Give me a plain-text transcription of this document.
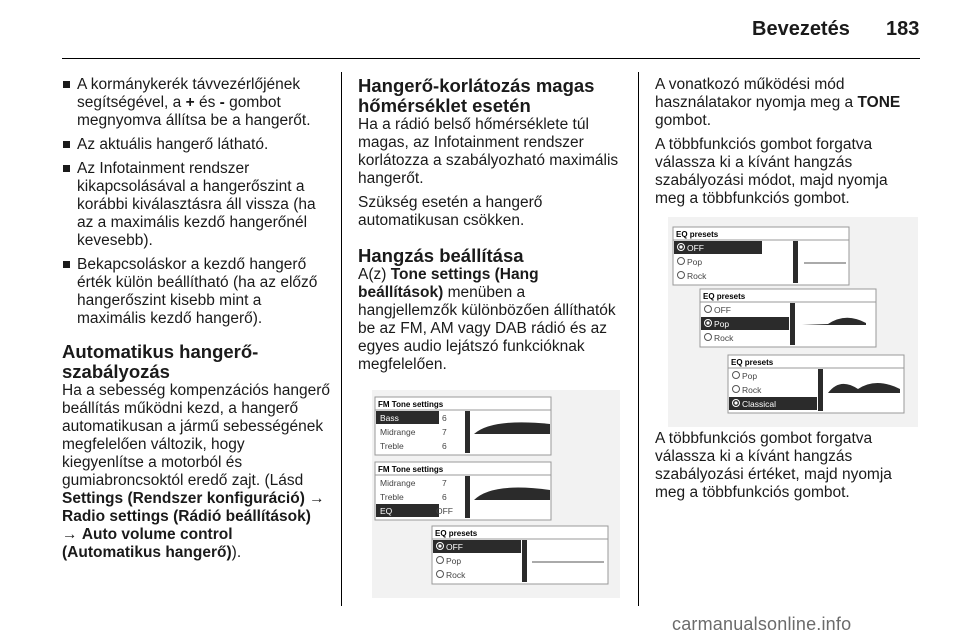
Bevezetés 183
A kormánykerék távvezérlőjének segítségével, a + és - gombot megnyomva állítsa be a hangerőt.
Az aktuális hangerő látható.
Az Infotainment rendszer kikapcsolásával a hangerőszint a korábbi kiválasztásra áll vissza (ha az a maximális kezdő hangerőnél kevesebb).
Bekapcsoláskor a kezdő hangerő érték külön beállítható (ha az előző hangerőszint kisebb mint a maximális kezdő hangerő).
Automatikus hangerő-szabályozás

Ha a sebesség kompenzációs hangerő beállítás működni kezd, a hangerő automatikusan a jármű sebességének megfelelően változik, hogy kiegyenlítse a motorból és gumiabroncsoktól eredő zajt. (Lásd Settings (Rendszer konfiguráció) → Radio settings (Rádió beállítások) → Auto volume control (Automatikus hangerő)).

Hangerő-korlátozás magas hőmérséklet esetén

Ha a rádió belső hőmérséklete túl magas, az Infotainment rendszer korlátozza a szabályozható maximális hangerőt.

Szükség esetén a hangerő automatikusan csökken.

Hangzás beállítása

A(z) Tone settings (Hang beállítások) menüben a hangjellemzők különbözően állíthatók be az FM, AM vagy DAB rádió és az egyes audio lejátszó funkcióknak megfelelően.

A vonatkozó működési mód használatakor nyomja meg a TONE gombot.

A többfunkciós gombot forgatva válassza ki a kívánt hangzás szabályozási módot, majd nyomja meg a többfunkciós gombot.

A többfunkciós gombot forgatva válassza ki a kívánt hangzás szabályozási értéket, majd nyomja meg a többfunkciós gombot.

FM Tone settings
Bass	6
Midrange	7
Treble	6
FM Tone settings
Midrange	7
Treble	6
EQ	OFF
EQ presets
OFF
Pop
Rock
EQ presets
OFF
Pop
Rock
EQ presets
OFF
Pop
Rock
EQ presets
Pop
Rock
Classical
carmanualsonline.info
